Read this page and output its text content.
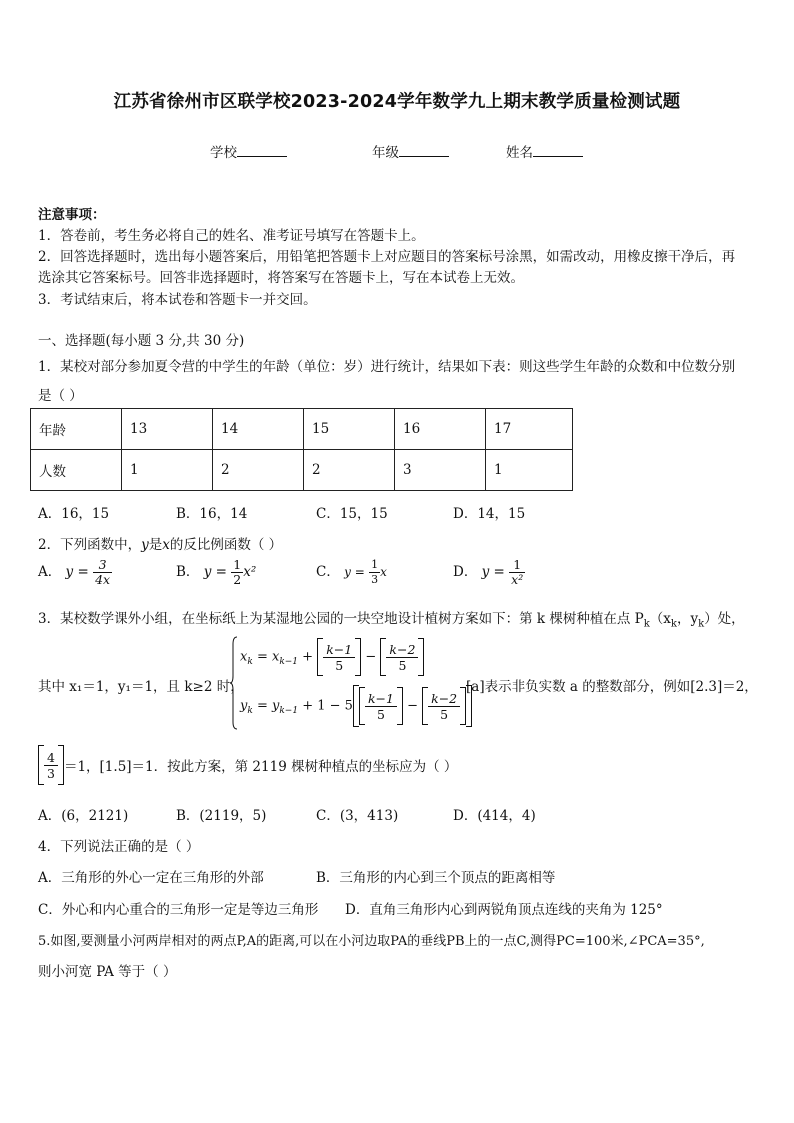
江苏省徐州市区联学校2023-2024学年数学九上期末教学质量检测试题
学校	年级	姓名
注意事项：
1．答卷前，考生务必将自己的姓名、准考证号填写在答题卡上。
2．回答选择题时，选出每小题答案后，用铅笔把答题卡上对应题目的答案标号涂黑，如需改动，用橡皮擦干净后，再
选涂其它答案标号。回答非选择题时，将答案写在答题卡上，写在本试卷上无效。
3．考试结束后，将本试卷和答题卡一并交回。
一、选择题(每小题 3 分,共 30 分)
1．某校对部分参加夏令营的中学生的年龄（单位：岁）进行统计，结果如下表：则这些学生年龄的众数和中位数分别
是（ ）
年龄	13	14	15	16	17
人数	1	2	2	3	1
A．16，15	B．16，14	C．15，15	D．14，15
2．下列函数中，y是x的反比例函数（ ）
A． $y = \frac{3}{4x}$	B． $y = \frac{1}{2} x^2$	C． $y = \frac{1}{3}$ x	D． $y = \frac{1}{\text{x²}}$
3．某校数学课外小组，在坐标纸上为某湿地公园的一块空地设计植树方案如下：第 k 棵树种植在点 $P_k(x_k$，$y_k$）处，
其中 x₁＝1，y₁＝1，且 k≥2 时，
$x_k = x_{k-1} + \frac{k-1}{5} - \frac{k-2}{5}$
$y_k = y_{k-1} + 1 - 5 \frac{k-1}{5} - \frac{k-2}{5}$
[a]表示非负实数 a 的整数部分，例如[2.3]＝2，
$\frac{4}{3} =1$，[1.5]＝1．按此方案，第 2119 棵树种植点的坐标应为（ ）
A．(6，2121)	B．(2119，5)	C．(3，413)	D．(414，4)
4．下列说法正确的是（ ）
A．三角形的外心一定在三角形的外部	B．三角形的内心到三个顶点的距离相等
C．外心和内心重合的三角形一定是等边三角形 D．直角三角形内心到两锐角顶点连线的夹角为 125°
5.如图,要测量小河两岸相对的两点P,A的距离,可以在小河边取PA的垂线PB上的一点C,测得PC=100米,∠PCA=35°,
则小河宽 PA 等于（ ）
